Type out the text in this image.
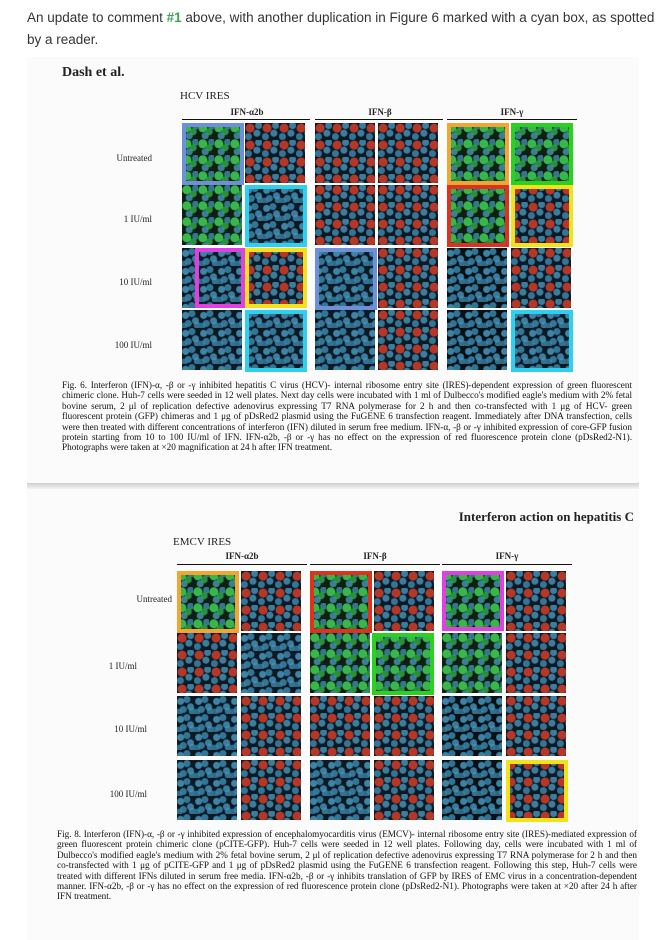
An update to comment #1 above, with another duplication in Figure 6 marked with a cyan box, as spotted by a reader.
Dash et al.
HCV IRES
IFN-α2b	IFN-β	IFN-γ
Untreated
1 IU/ml
10 IU/ml
100 IU/ml
Fig. 6. Interferon (IFN)-α, -β or -γ inhibited hepatitis C virus (HCV)- internal ribosome entry site (IRES)-dependent expression of green fluorescent chimeric clone. Huh-7 cells were seeded in 12 well plates. Next day cells were incubated with 1 ml of Dulbecco's modified eagle's medium with 2% fetal bovine serum, 2 μl of replication defective adenovirus expressing T7 RNA polymerase for 2 h and then co-transfected with 1 μg of HCV- green fluorescent protein (GFP) chimeras and 1 μg of pDsRed2 plasmid using the FuGENE 6 transfection reagent. Immediately after DNA transfection, cells were then treated with different concentrations of interferon (IFN) diluted in serum free medium. IFN-α, -β or -γ inhibited expression of core-GFP fusion protein starting from 10 to 100 IU/ml of IFN. IFN-α2b, -β or -γ has no effect on the expression of red fluorescence protein clone (pDsRed2-N1). Photographs were taken at ×20 magnification at 24 h after IFN treatment.
Interferon action on hepatitis C
EMCV IRES
IFN-α2b	IFN-β	IFN-γ
Untreated
1 IU/ml
10 IU/ml
100 IU/ml
Fig. 8. Interferon (IFN)-α, -β or -γ inhibited expression of encephalomyocarditis virus (EMCV)- internal ribosome entry site (IRES)-mediated expression of green fluorescent protein chimeric clone (pCITE-GFP). Huh-7 cells were seeded in 12 well plates. Following day, cells were incubated with 1 ml of Dulbecco's modified eagle's medium with 2% fetal bovine serum, 2 μl of replication defective adenovirus expressing T7 RNA polymerase for 2 h and then co-transfected with 1 μg of pCITE-GFP and 1 μg of pDsRed2 plasmid using the FuGENE 6 transfection reagent. Following this step, Huh-7 cells were treated with different IFNs diluted in serum free media. IFN-α2b, -β or -γ inhibits translation of GFP by IRES of EMC virus in a concentration-dependent manner. IFN-α2b, -β or -γ has no effect on the expression of red fluorescence protein clone (pDsRed2-N1). Photographs were taken at ×20 after 24 h after IFN treatment.
